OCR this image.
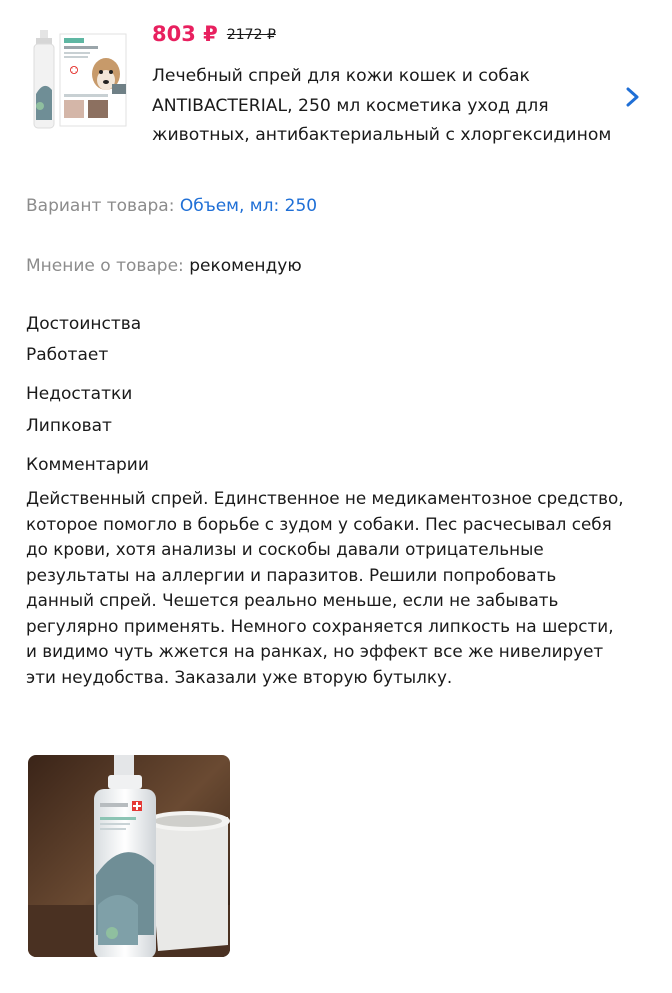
803 ₽ 2172 ₽
Лечебный спрей для кожи кошек и собак ANTIBACTERIAL, 250 мл косметика уход для животных, антибактериальный с хлоргексидином
Вариант товара: Объем, мл: 250
Мнение о товаре: рекомендую
Достоинства
Работает
Недостатки
Липковат
Комментарии
Действенный спрей. Единственное не медикаментозное средство, которое помогло в борьбе с зудом у собаки. Пес расчесывал себя до крови, хотя анализы и соскобы давали отрицательные результаты на аллергии и паразитов. Решили попробовать данный спрей. Чешется реально меньше, если не забывать регулярно применять. Немного сохраняется липкость на шерсти, и видимо чуть жжется на ранках, но эффект все же нивелирует эти неудобства. Заказали уже вторую бутылку.
